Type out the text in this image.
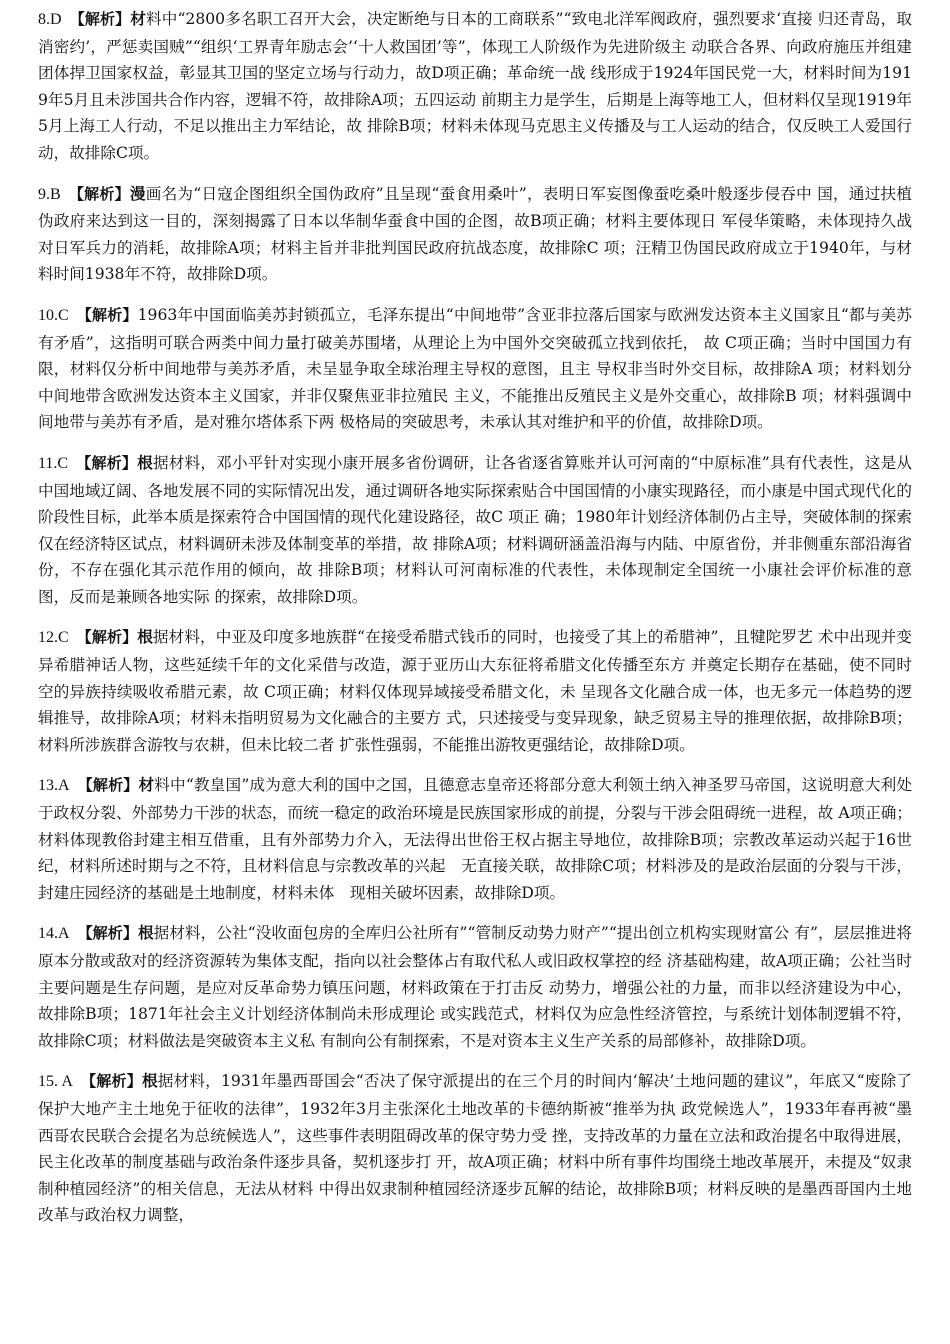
8.D 【解析】材料中“2800多名职工召开大会，决定断绝与日本的工商联系”“致电北洋军阀政府，强烈要求‘直接 归还青岛，取消密约’，严惩卖国贼”“组织‘工界青年励志会’‘十人救国团’等”，体现工人阶级作为先进阶级主 动联合各界、向政府施压并组建团体捍卫国家权益，彰显其卫国的坚定立场与行动力，故D项正确；革命统一战 线形成于1924年国民党一大，材料时间为1919年5月且未涉国共合作内容，逻辑不符，故排除A项；五四运动 前期主力是学生，后期是上海等地工人，但材料仅呈现1919年5月上海工人行动，不足以推出主力军结论，故 排除B项；材料未体现马克思主义传播及与工人运动的结合，仅反映工人爱国行动，故排除C项。

9.B 【解析】漫画名为“日寇企图组织全国伪政府”且呈现“蚕食用桑叶”，表明日军妄图像蚕吃桑叶般逐步侵吞中 国，通过扶植伪政府来达到这一目的，深刻揭露了日本以华制华蚕食中国的企图，故B项正确；材料主要体现日 军侵华策略，未体现持久战对日军兵力的消耗，故排除A项；材料主旨并非批判国民政府抗战态度，故排除C 项；汪精卫伪国民政府成立于1940年，与材料时间1938年不符，故排除D项。

10.C 【解析】1963年中国面临美苏封锁孤立，毛泽东提出“中间地带”含亚非拉落后国家与欧洲发达资本主义国家且“都与美苏有矛盾”，这指明可联合两类中间力量打破美苏围堵，从理论上为中国外交突破孤立找到依托， 故 C项正确；当时中国国力有限，材料仅分析中间地带与美苏矛盾，未呈显争取全球治理主导权的意图，且主 导权非当时外交目标，故排除A 项；材料划分中间地带含欧洲发达资本主义国家，并非仅聚焦亚非拉殖民 主义，不能推出反殖民主义是外交重心，故排除B 项；材料强调中间地带与美苏有矛盾，是对雅尔塔体系下两 极格局的突破思考，未承认其对维护和平的价值，故排除D项。

11.C 【解析】根据材料，邓小平针对实现小康开展多省份调研，让各省逐省算账并认可河南的“中原标准”具有代表性，这是从中国地域辽阔、各地发展不同的实际情况出发，通过调研各地实际探索贴合中国国情的小康实现路径，而小康是中国式现代化的阶段性目标，此举本质是探索符合中国国情的现代化建设路径，故C 项正 确；1980年计划经济体制仍占主导，突破体制的探索仅在经济特区试点，材料调研未涉及体制变革的举措，故 排除A项；材料调研涵盖沿海与内陆、中原省份，并非侧重东部沿海省份，不存在强化其示范作用的倾向，故 排除B项；材料认可河南标准的代表性，未体现制定全国统一小康社会评价标准的意图，反而是兼顾各地实际 的探索，故排除D项。

12.C 【解析】根据材料，中亚及印度多地族群“在接受希腊式钱币的同时，也接受了其上的希腊神”，且犍陀罗艺 术中出现并变异希腊神话人物，这些延续千年的文化采借与改造，源于亚历山大东征将希腊文化传播至东方 并奠定长期存在基础，使不同时空的异族持续吸收希腊元素，故 C项正确；材料仅体现异域接受希腊文化，未 呈现各文化融合成一体，也无多元一体趋势的逻辑推导，故排除A项；材料未指明贸易为文化融合的主要方 式，只述接受与变异现象，缺乏贸易主导的推理依据，故排除B项；材料所涉族群含游牧与农耕，但未比较二者 扩张性强弱，不能推出游牧更强结论，故排除D项。

13.A 【解析】材料中“教皇国”成为意大利的国中之国，且德意志皇帝还将部分意大利领土纳入神圣罗马帝国，这说明意大利处于政权分裂、外部势力干涉的状态，而统一稳定的政治环境是民族国家形成的前提，分裂与干涉会阻碍统一进程，故 A项正确；材料体现教俗封建主相互借重，且有外部势力介入，无法得出世俗王权占据主导地位，故排除B项；宗教改革运动兴起于16世纪，材料所述时期与之不符，且材料信息与宗教改革的兴起　无直接关联，故排除C项；材料涉及的是政治层面的分裂与干涉，封建庄园经济的基础是土地制度，材料未体　现相关破坏因素，故排除D项。

14.A 【解析】根据材料，公社“没收面包房的全库归公社所有”“管制反动势力财产”“提出创立机构实现财富公 有”，层层推进将原本分散或敌对的经济资源转为集体支配，指向以社会整体占有取代私人或旧政权掌控的经 济基础构建，故A项正确；公社当时主要问题是生存问题，是应对反革命势力镇压问题，材料政策在于打击反 动势力，增强公社的力量，而非以经济建设为中心，故排除B项；1871年社会主义计划经济体制尚未形成理论 或实践范式，材料仅为应急性经济管控，与系统计划体制逻辑不符，故排除C项；材料做法是突破资本主义私 有制向公有制探索，不是对资本主义生产关系的局部修补，故排除D项。

15. A 【解析】根据材料，1931年墨西哥国会“否决了保守派提出的在三个月的时间内‘解决’土地问题的建议”，年底又“废除了保护大地产主土地免于征收的法律”，1932年3月主张深化土地改革的卡德纳斯被“推举为执 政党候选人”，1933年春再被“墨西哥农民联合会提名为总统候选人”，这些事件表明阻碍改革的保守势力受 挫，支持改革的力量在立法和政治提名中取得进展，民主化改革的制度基础与政治条件逐步具备，契机逐步打 开，故A项正确；材料中所有事件均围绕土地改革展开，未提及“奴隶制种植园经济”的相关信息，无法从材料 中得出奴隶制种植园经济逐步瓦解的结论，故排除B项；材料反映的是墨西哥国内土地改革与政治权力调整，
